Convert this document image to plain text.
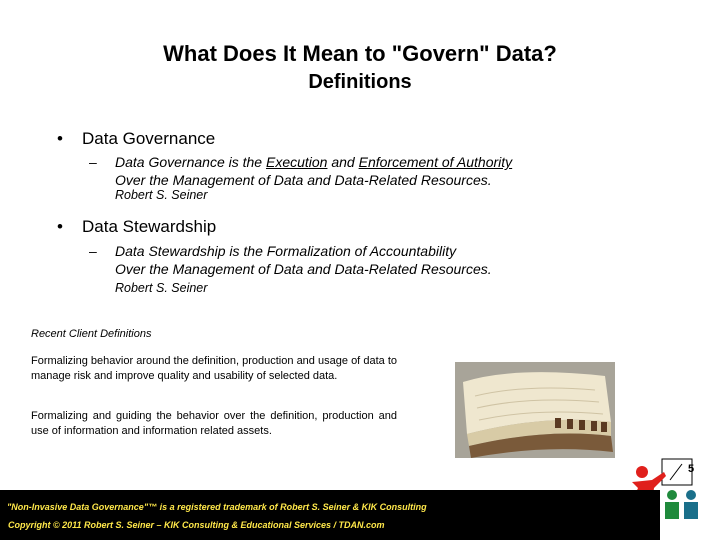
What Does It Mean to "Govern" Data?
Definitions
• Data Governance
– Data Governance is the Execution and Enforcement of Authority
Over the Management of Data and Data-Related Resources.
Robert S. Seiner
• Data Stewardship
– Data Stewardship is the Formalization of Accountability
Over the Management of Data and Data-Related Resources.
Robert S. Seiner
Recent Client Definitions
Formalizing behavior around the definition, production and usage of data to manage risk and improve quality and usability of selected data.
Formalizing and guiding the behavior over the definition, production and use of information and information related assets.
5
"Non-Invasive Data Governance"™ is a registered trademark of Robert S. Seiner & KIK Consulting
Copyright © 2011 Robert S. Seiner – KIK Consulting & Educational Services / TDAN.com
